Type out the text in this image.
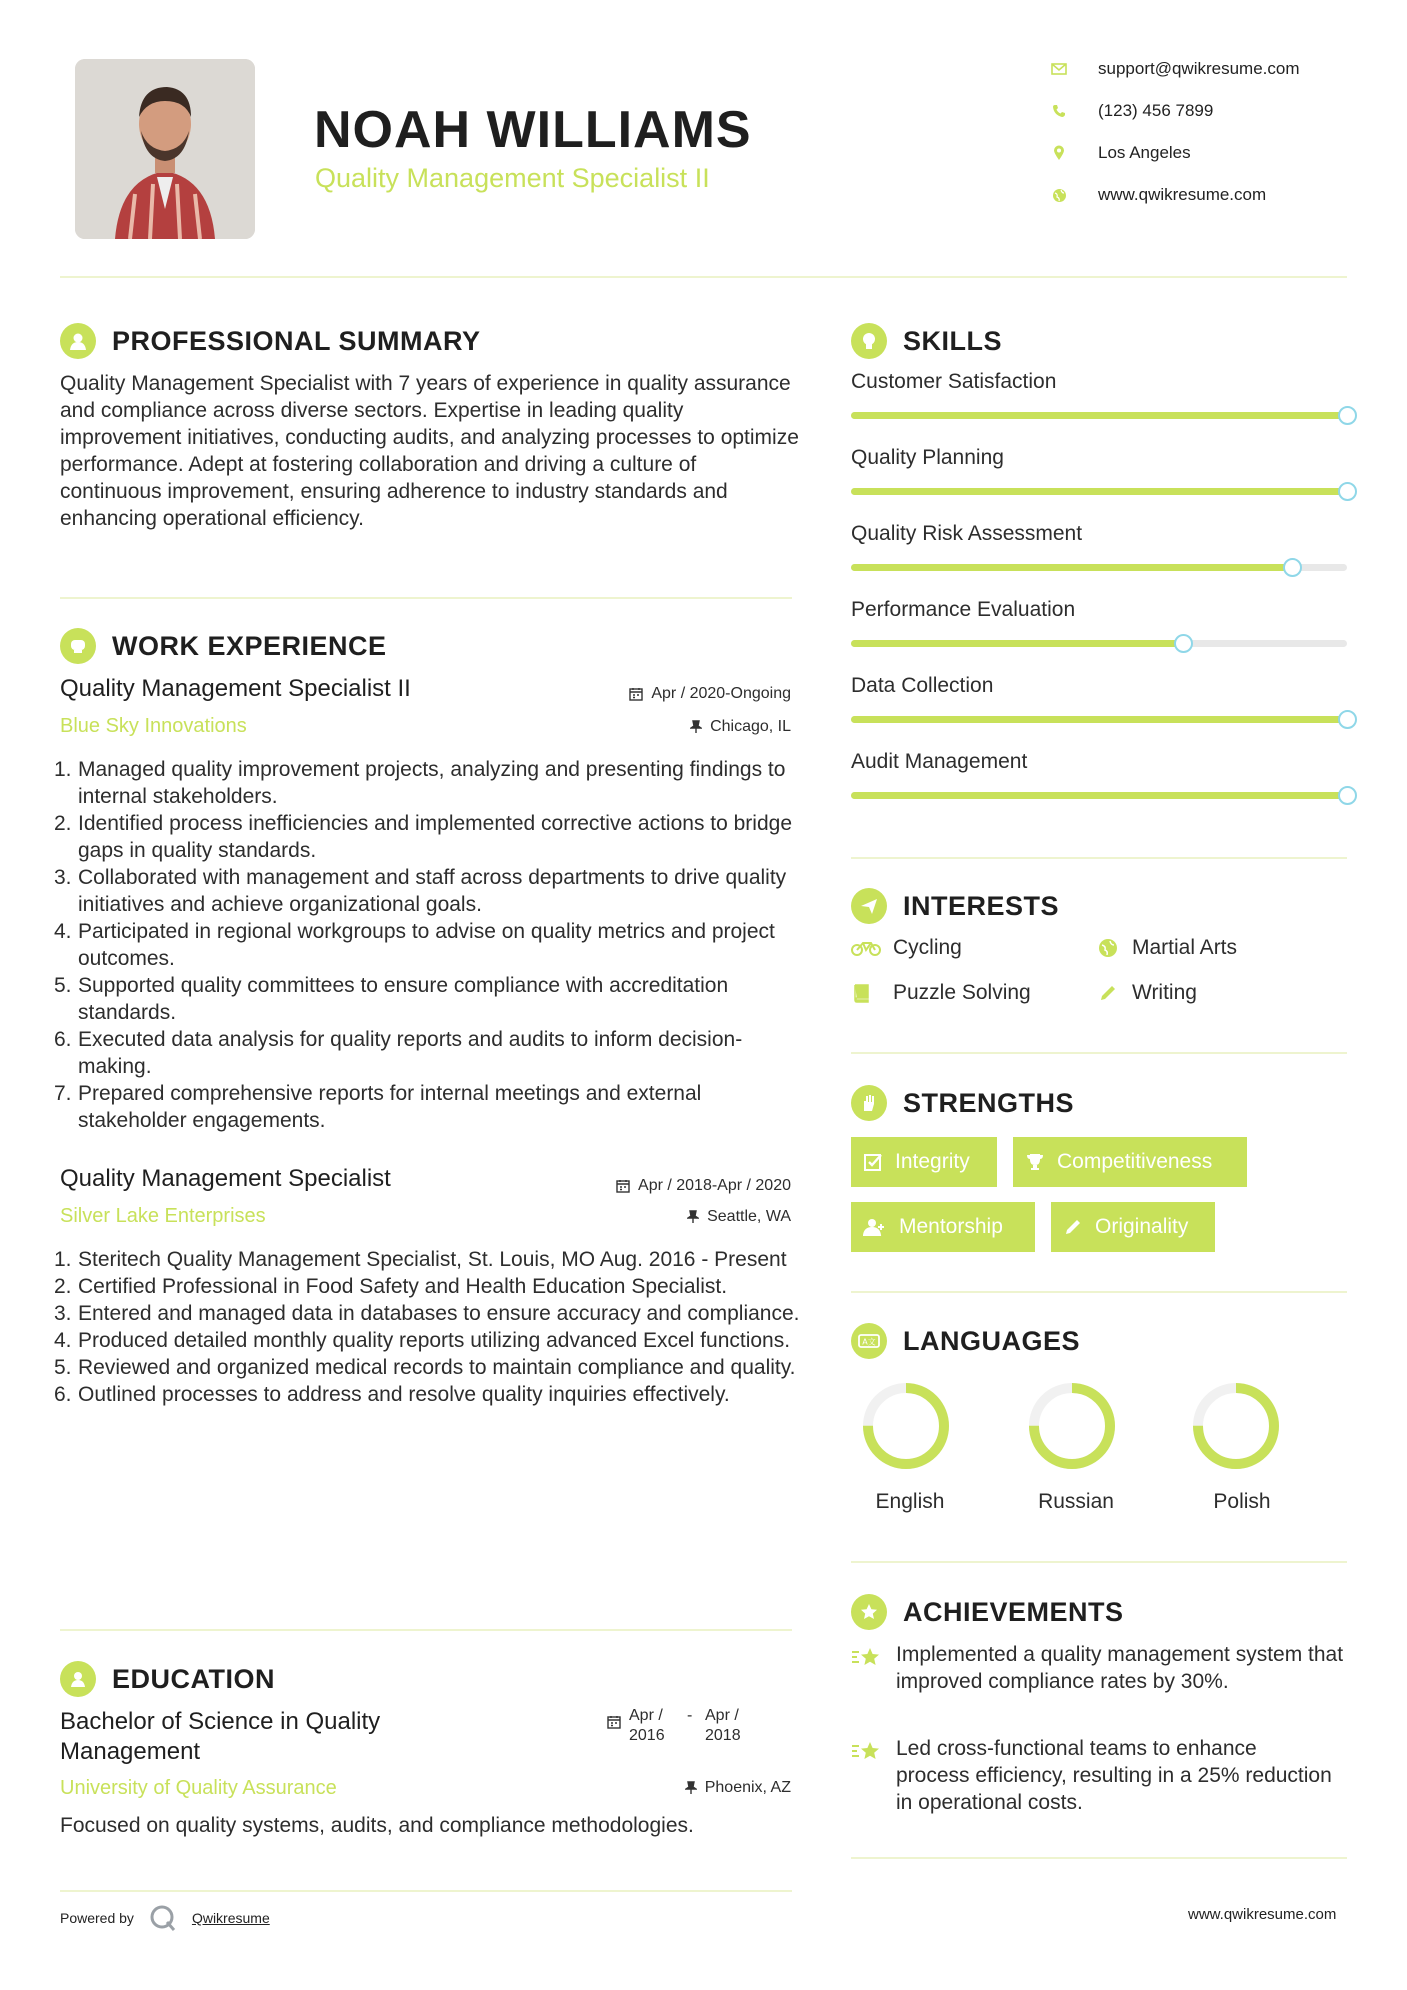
NOAH WILLIAMS
Quality Management Specialist II
support@qwikresume.com
(123) 456 7899
Los Angeles
www.qwikresume.com
PROFESSIONAL SUMMARY
Quality Management Specialist with 7 years of experience in quality assurance and compliance across diverse sectors. Expertise in leading quality improvement initiatives, conducting audits, and analyzing processes to optimize performance. Adept at fostering collaboration and driving a culture of continuous improvement, ensuring adherence to industry standards and enhancing operational efficiency.
WORK EXPERIENCE
Quality Management Specialist II	Apr / 2020-Ongoing
Blue Sky Innovations	Chicago, IL
1. Managed quality improvement projects, analyzing and presenting findings to internal stakeholders.
2. Identified process inefficiencies and implemented corrective actions to bridge gaps in quality standards.
3. Collaborated with management and staff across departments to drive quality initiatives and achieve organizational goals.
4. Participated in regional workgroups to advise on quality metrics and project outcomes.
5. Supported quality committees to ensure compliance with accreditation standards.
6. Executed data analysis for quality reports and audits to inform decision-making.
7. Prepared comprehensive reports for internal meetings and external stakeholder engagements.
Quality Management Specialist	Apr / 2018-Apr / 2020
Silver Lake Enterprises	Seattle, WA
1. Steritech Quality Management Specialist, St. Louis, MO Aug. 2016 - Present
2. Certified Professional in Food Safety and Health Education Specialist.
3. Entered and managed data in databases to ensure accuracy and compliance.
4. Produced detailed monthly quality reports utilizing advanced Excel functions.
5. Reviewed and organized medical records to maintain compliance and quality.
6. Outlined processes to address and resolve quality inquiries effectively.
EDUCATION
Bachelor of Science in Quality Management
Apr / 2016
- Apr / 2018
University of Quality Assurance	Phoenix, AZ
Focused on quality systems, audits, and compliance methodologies.
SKILLS
Customer Satisfaction
Quality Planning
Quality Risk Assessment
Performance Evaluation
Data Collection
Audit Management
INTERESTS
Cycling	Martial Arts
Puzzle Solving	Writing
STRENGTHS
Integrity	Competitiveness
Mentorship	Originality
A文 LANGUAGES
English	Russian	Polish
ACHIEVEMENTS
Implemented a quality management system that improved compliance rates by 30%.
Led cross-functional teams to enhance process efficiency, resulting in a 25% reduction in operational costs.
Powered by	Qwikresume	www.qwikresume.com
